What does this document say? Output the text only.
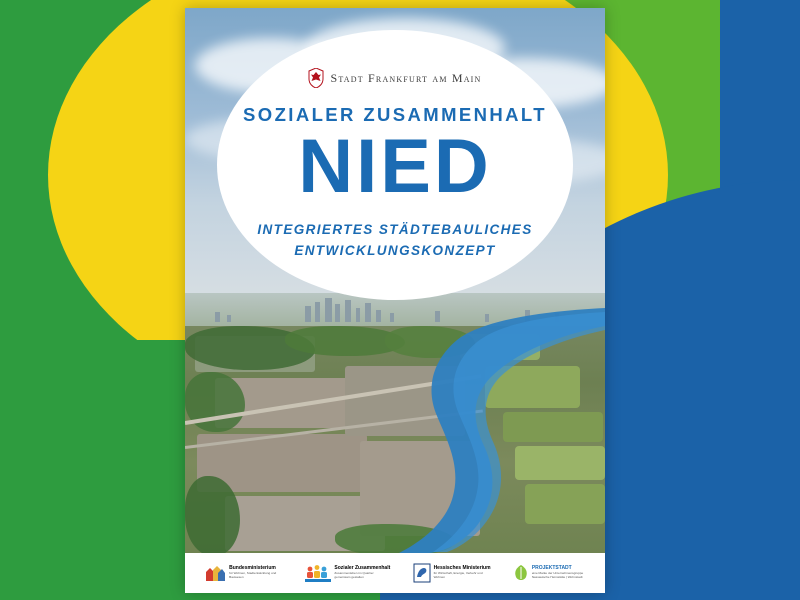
Stadt Frankfurt am Main
SOZIALER ZUSAMMENHALT
NIED
INTEGRIERTES STÄDTEBAULICHES
ENTWICKLUNGSKONZEPT
Bundesministerium
für Wohnen, Stadtentwicklung und Bauwesen
Sozialer Zusammenhalt
Zusammenleben im Quartier gemeinsam gestalten
Hessisches Ministerium
für Wirtschaft, Energie, Verkehr und Wohnen
PROJEKTSTADT
eine Marke der Unternehmensgruppe Nassauische Heimstätte | Wohnstadt
